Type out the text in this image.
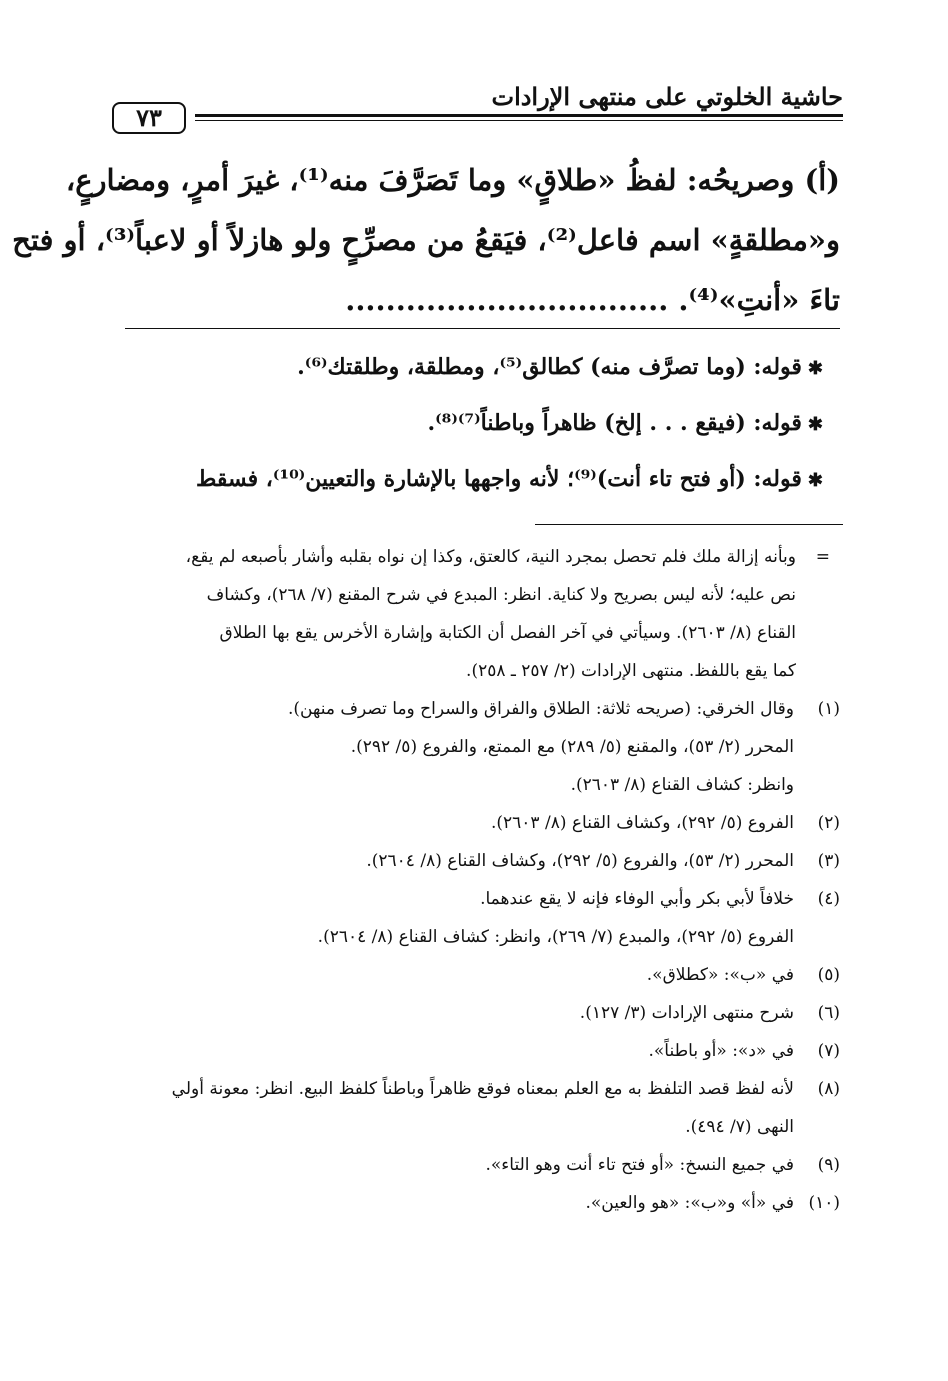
حاشية الخلوتي على منتهى الإرادات
٧٣
(أ) وصريحُه: لفظُ «طلاقٍ» وما تَصَرَّفَ منه⁽¹⁾، غيرَ أمرٍ، ومضارعٍ،
و«مطلقةٍ» اسم فاعل⁽²⁾، فيَقعُ من مصرِّحٍ ولو هازلاً أو لاعباً⁽³⁾، أو فتح
تاءَ «أنتِ»⁽⁴⁾. ................................
✱قوله: (وما تصرَّف منه) كطالق⁽⁵⁾، ومطلقة، وطلقتك⁽⁶⁾.
✱قوله: (فيقع . . . إلخ) ظاهراً وباطناً⁽⁷⁾⁽⁸⁾.
✱قوله: (أو فتح تاء أنت)⁽⁹⁾؛ لأنه واجهها بالإشارة والتعيين⁽¹⁰⁾، فسقط
=
وبأنه إزالة ملك فلم تحصل بمجرد النية، كالعتق، وكذا إن نواه بقلبه وأشار بأصبعه لم يقع،
نص عليه؛ لأنه ليس بصريح ولا كناية. انظر: المبدع في شرح المقنع (٧/ ٢٦٨)، وكشاف
القناع (٨/ ٢٦٠٣). وسيأتي في آخر الفصل أن الكتابة وإشارة الأخرس يقع بها الطلاق
كما يقع باللفظ. منتهى الإرادات (٢/ ٢٥٧ ـ ٢٥٨).
(١)
وقال الخرقي: (صريحه ثلاثة: الطلاق والفراق والسراح وما تصرف منهن).
المحرر (٢/ ٥٣)، والمقنع (٥/ ٢٨٩) مع الممتع، والفروع (٥/ ٢٩٢).
وانظر: كشاف القناع (٨/ ٢٦٠٣).
(٢)
الفروع (٥/ ٢٩٢)، وكشاف القناع (٨/ ٢٦٠٣).
(٣)
المحرر (٢/ ٥٣)، والفروع (٥/ ٢٩٢)، وكشاف القناع (٨/ ٢٦٠٤).
(٤)
خلافاً لأبي بكر وأبي الوفاء فإنه لا يقع عندهما.
الفروع (٥/ ٢٩٢)، والمبدع (٧/ ٢٦٩)، وانظر: كشاف القناع (٨/ ٢٦٠٤).
(٥)
في «ب»: «كطلاق».
(٦)
شرح منتهى الإرادات (٣/ ١٢٧).
(٧)
في «د»: «أو باطناً».
(٨)
لأنه لفظ قصد التلفظ به مع العلم بمعناه فوقع ظاهراً وباطناً كلفظ البيع. انظر: معونة أولي
النهى (٧/ ٤٩٤).
(٩)
في جميع النسخ: «أو فتح تاء أنت وهو التاء».
(١٠)
في «أ» و«ب»: «هو والعين».
